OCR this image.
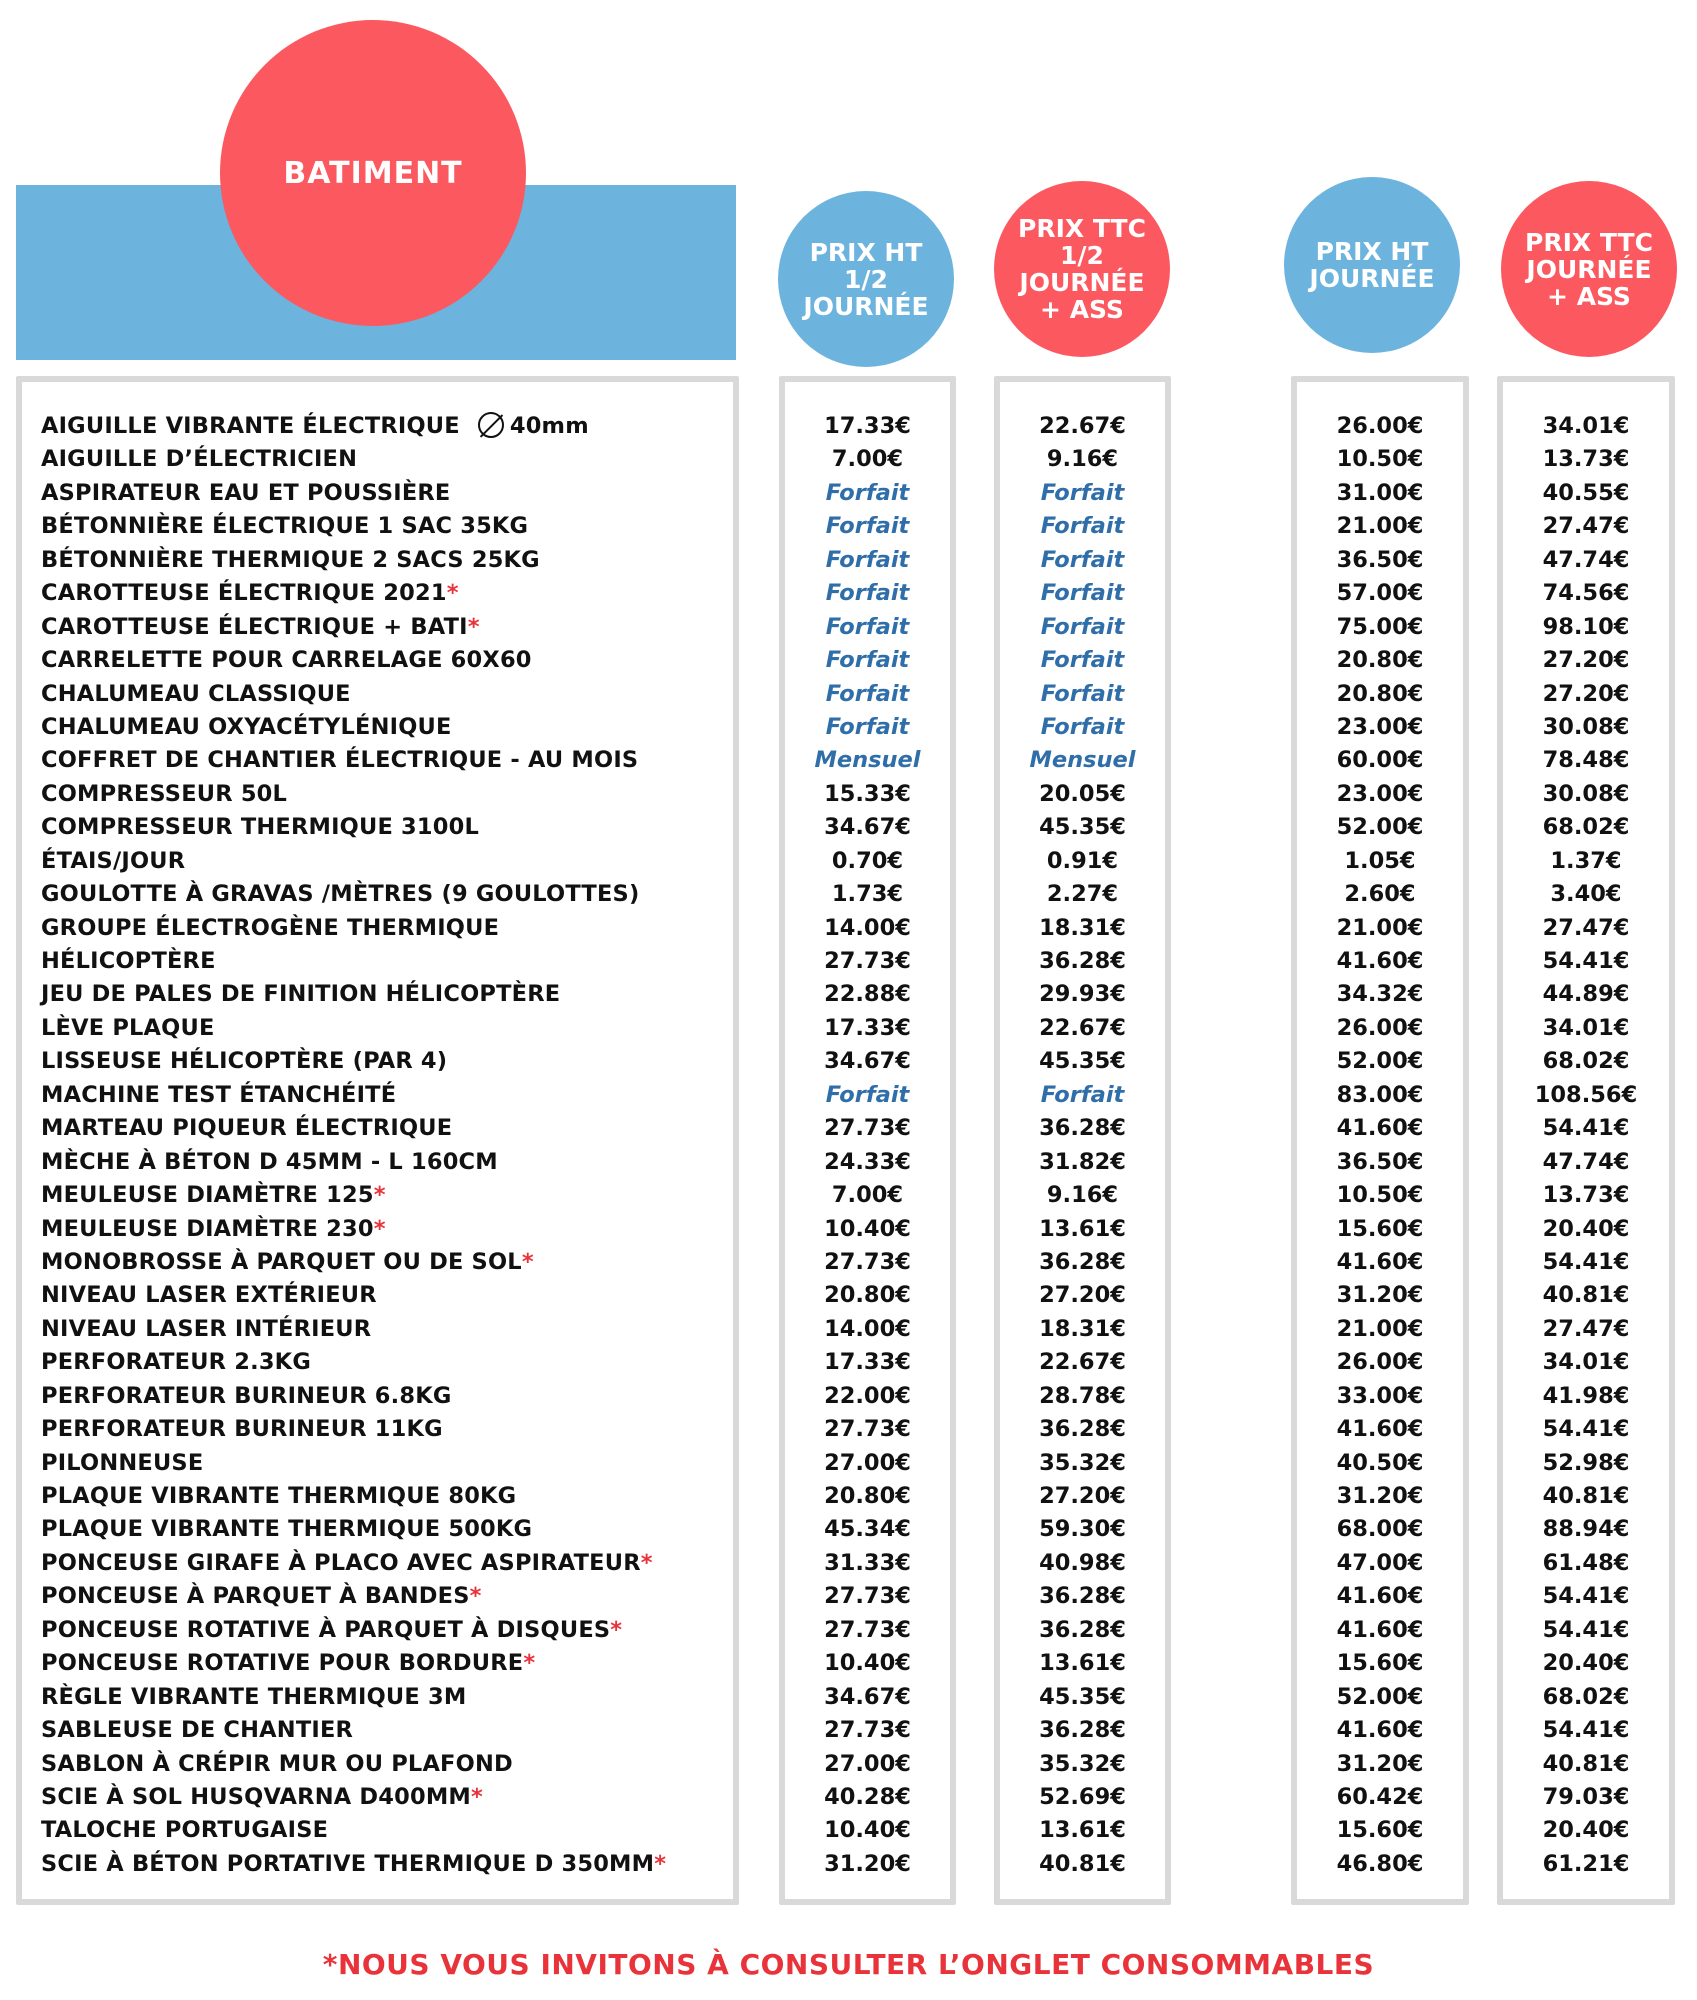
BATIMENT
PRIX HT
1/2
JOURNÉE
PRIX TTC
1/2
JOURNÉE
+ ASS
PRIX HT
JOURNÉE
PRIX TTC
JOURNÉE
+ ASS
AIGUILLE VIBRANTE ÉLECTRIQUE 40mm
AIGUILLE D’ÉLECTRICIEN
ASPIRATEUR EAU ET POUSSIÈRE
BÉTONNIÈRE ÉLECTRIQUE 1 SAC 35KG
BÉTONNIÈRE THERMIQUE 2 SACS 25KG
CAROTTEUSE ÉLECTRIQUE 2021*
CAROTTEUSE ÉLECTRIQUE + BATI*
CARRELETTE POUR CARRELAGE 60X60
CHALUMEAU CLASSIQUE
CHALUMEAU OXYACÉTYLÉNIQUE
COFFRET DE CHANTIER ÉLECTRIQUE - AU MOIS
COMPRESSEUR 50L
COMPRESSEUR THERMIQUE 3100L
ÉTAIS/JOUR
GOULOTTE À GRAVAS /MÈTRES (9 GOULOTTES)
GROUPE ÉLECTROGÈNE THERMIQUE
HÉLICOPTÈRE
JEU DE PALES DE FINITION HÉLICOPTÈRE
LÈVE PLAQUE
LISSEUSE HÉLICOPTÈRE (PAR 4)
MACHINE TEST ÉTANCHÉITÉ
MARTEAU PIQUEUR ÉLECTRIQUE
MÈCHE À BÉTON D 45MM - L 160CM
MEULEUSE DIAMÈTRE 125*
MEULEUSE DIAMÈTRE 230*
MONOBROSSE À PARQUET OU DE SOL*
NIVEAU LASER EXTÉRIEUR
NIVEAU LASER INTÉRIEUR
PERFORATEUR 2.3KG
PERFORATEUR BURINEUR 6.8KG
PERFORATEUR BURINEUR 11KG
PILONNEUSE
PLAQUE VIBRANTE THERMIQUE 80KG
PLAQUE VIBRANTE THERMIQUE 500KG
PONCEUSE GIRAFE À PLACO AVEC ASPIRATEUR*
PONCEUSE À PARQUET À BANDES*
PONCEUSE ROTATIVE À PARQUET À DISQUES*
PONCEUSE ROTATIVE POUR BORDURE*
RÈGLE VIBRANTE THERMIQUE 3M
SABLEUSE DE CHANTIER
SABLON À CRÉPIR MUR OU PLAFOND
SCIE À SOL HUSQVARNA D400MM*
TALOCHE PORTUGAISE
SCIE À BÉTON PORTATIVE THERMIQUE D 350MM*
17.33€
7.00€
Forfait
Forfait
Forfait
Forfait
Forfait
Forfait
Forfait
Forfait
Mensuel
15.33€
34.67€
0.70€
1.73€
14.00€
27.73€
22.88€
17.33€
34.67€
Forfait
27.73€
24.33€
7.00€
10.40€
27.73€
20.80€
14.00€
17.33€
22.00€
27.73€
27.00€
20.80€
45.34€
31.33€
27.73€
27.73€
10.40€
34.67€
27.73€
27.00€
40.28€
10.40€
31.20€
22.67€
9.16€
Forfait
Forfait
Forfait
Forfait
Forfait
Forfait
Forfait
Forfait
Mensuel
20.05€
45.35€
0.91€
2.27€
18.31€
36.28€
29.93€
22.67€
45.35€
Forfait
36.28€
31.82€
9.16€
13.61€
36.28€
27.20€
18.31€
22.67€
28.78€
36.28€
35.32€
27.20€
59.30€
40.98€
36.28€
36.28€
13.61€
45.35€
36.28€
35.32€
52.69€
13.61€
40.81€
26.00€
10.50€
31.00€
21.00€
36.50€
57.00€
75.00€
20.80€
20.80€
23.00€
60.00€
23.00€
52.00€
1.05€
2.60€
21.00€
41.60€
34.32€
26.00€
52.00€
83.00€
41.60€
36.50€
10.50€
15.60€
41.60€
31.20€
21.00€
26.00€
33.00€
41.60€
40.50€
31.20€
68.00€
47.00€
41.60€
41.60€
15.60€
52.00€
41.60€
31.20€
60.42€
15.60€
46.80€
34.01€
13.73€
40.55€
27.47€
47.74€
74.56€
98.10€
27.20€
27.20€
30.08€
78.48€
30.08€
68.02€
1.37€
3.40€
27.47€
54.41€
44.89€
34.01€
68.02€
108.56€
54.41€
47.74€
13.73€
20.40€
54.41€
40.81€
27.47€
34.01€
41.98€
54.41€
52.98€
40.81€
88.94€
61.48€
54.41€
54.41€
20.40€
68.02€
54.41€
40.81€
79.03€
20.40€
61.21€
*NOUS VOUS INVITONS À CONSULTER L’ONGLET CONSOMMABLES
